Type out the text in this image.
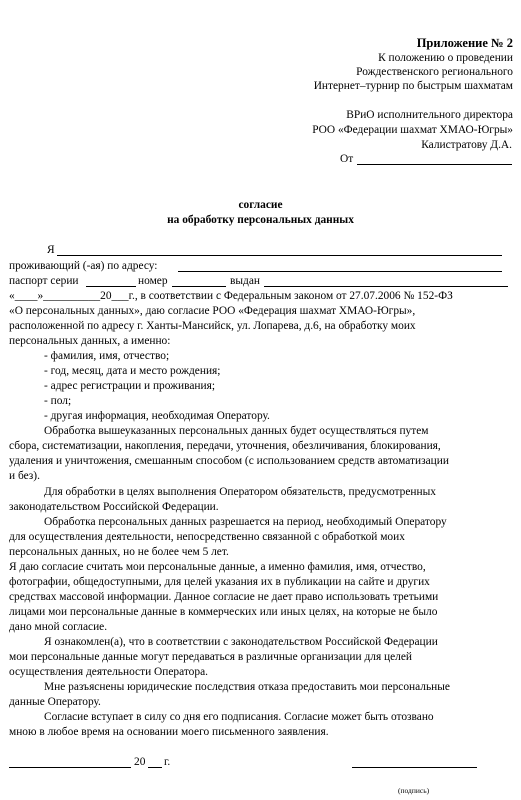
Приложение № 2
К положению о проведении
Рождественского регионального
Интернет–турнир по быстрым шахматам
ВРиО исполнительного директора
РОО «Федерации шахмат ХМАО-Югры»
Калистратову Д.А.
От
согласие
на обработку персональных данных
Я
проживающий (-ая) по адресу:
паспорт серии	номер	выдан
«____»__________20___г., в соответствии с Федеральным законом от 27.07.2006 № 152-ФЗ
«О персональных данных», даю согласие РОО «Федерация шахмат ХМАО-Югры»,
расположенной по адресу г. Ханты-Мансийск, ул. Лопарева, д.6, на обработку моих
персональных данных, а именно:
- фамилия, имя, отчество;
- год, месяц, дата и место рождения;
- адрес регистрации и проживания;
- пол;
- другая информация, необходимая Оператору.
Обработка вышеуказанных персональных данных будет осуществляться путем
сбора, систематизации, накопления, передачи, уточнения, обезличивания, блокирования,
удаления и уничтожения, смешанным способом (с использованием средств автоматизации
и без).
Для обработки в целях выполнения Оператором обязательств, предусмотренных
законодательством Российской Федерации.
Обработка персональных данных разрешается на период, необходимый Оператору
для осуществления деятельности, непосредственно связанной с обработкой моих
персональных данных, но не более чем 5 лет.
Я даю согласие считать мои персональные данные, а именно фамилия, имя, отчество,
фотографии, общедоступными, для целей указания их в публикации на сайте и других
средствах массовой информации. Данное согласие не дает право использовать третьими
лицами мои персональные данные в коммерческих или иных целях, на которые не было
дано мной согласие.
Я ознакомлен(а), что в соответствии с законодательством Российской Федерации
мои персональные данные могут передаваться в различные организации для целей
осуществления деятельности Оператора.
Мне разъяснены юридические последствия отказа предоставить мои персональные
данные Оператору.
Согласие вступает в силу со дня его подписания. Согласие может быть отозвано
мною в любое время на основании моего письменного заявления.
20 г.
(подпись)
